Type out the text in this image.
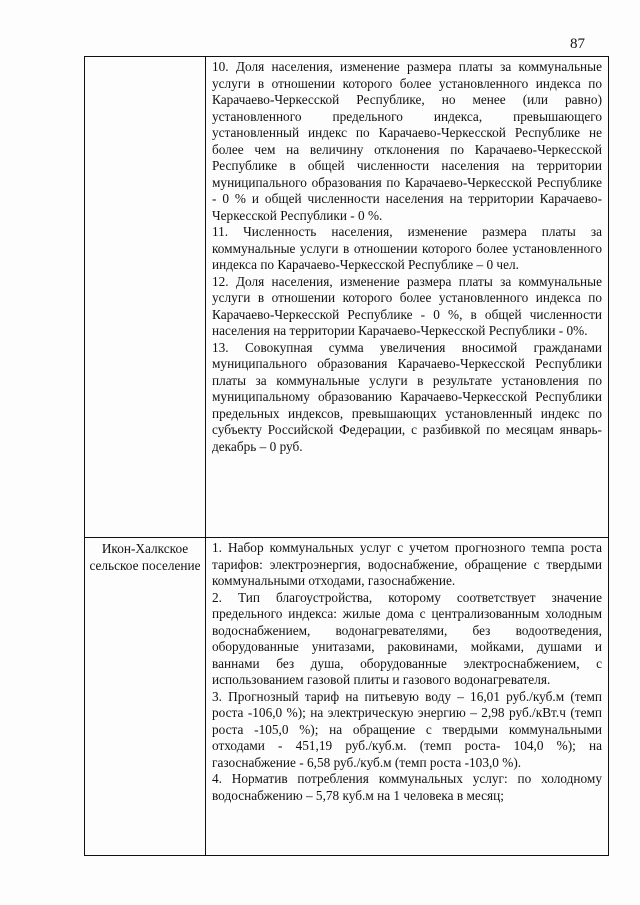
87

	10. Доля населения, изменение размера платы за коммунальные услуги в отношении которого более установленного индекса по Карачаево-Черкесской Республике, но менее (или равно) установленного предельного индекса, превышающего установленный индекс по Карачаево-Черкесской Республике не более чем на величину отклонения по Карачаево-Черкесской Республике в общей численности населения на территории муниципального образования по Карачаево-Черкесской Республике - 0 % и общей численности населения на территории Карачаево-Черкесской Республики - 0 %.

11. Численность населения, изменение размера платы за коммунальные услуги в отношении которого более установленного индекса по Карачаево-Черкесской Республике – 0 чел.

12. Доля населения, изменение размера платы за коммунальные услуги в отношении которого более установленного индекса по Карачаево-Черкесской Республике - 0 %, в общей численности населения на территории Карачаево-Черкесской Республики - 0%.

13. Совокупная сумма увеличения вносимой гражданами муниципального образования Карачаево-Черкесской Республики платы за коммунальные услуги в результате установления по муниципальному образованию Карачаево-Черкесской Республики предельных индексов, превышающих установленный индекс по субъекту Российской Федерации, с разбивкой по месяцам январь-декабрь – 0 руб.

Икон-Халкское сельское поселение	1. Набор коммунальных услуг с учетом прогнозного темпа роста тарифов: электроэнергия, водоснабжение, обращение с твердыми коммунальными отходами, газоснабжение.

2. Тип благоустройства, которому соответствует значение предельного индекса: жилые дома с централизованным холодным водоснабжением, водонагревателями, без водоотведения, оборудованные унитазами, раковинами, мойками, душами и ваннами без душа, оборудованные электроснабжением, с использованием газовой плиты и газового водонагревателя.

3. Прогнозный тариф на питьевую воду – 16,01 руб./куб.м (темп роста -106,0 %); на электрическую энергию – 2,98 руб./кВт.ч (темп роста -105,0 %); на обращение с твердыми коммунальными отходами - 451,19 руб./куб.м. (темп роста- 104,0 %); на газоснабжение - 6,58 руб./куб.м (темп роста -103,0 %).

4. Норматив потребления коммунальных услуг: по холодному водоснабжению – 5,78 куб.м на 1 человека в месяц;
